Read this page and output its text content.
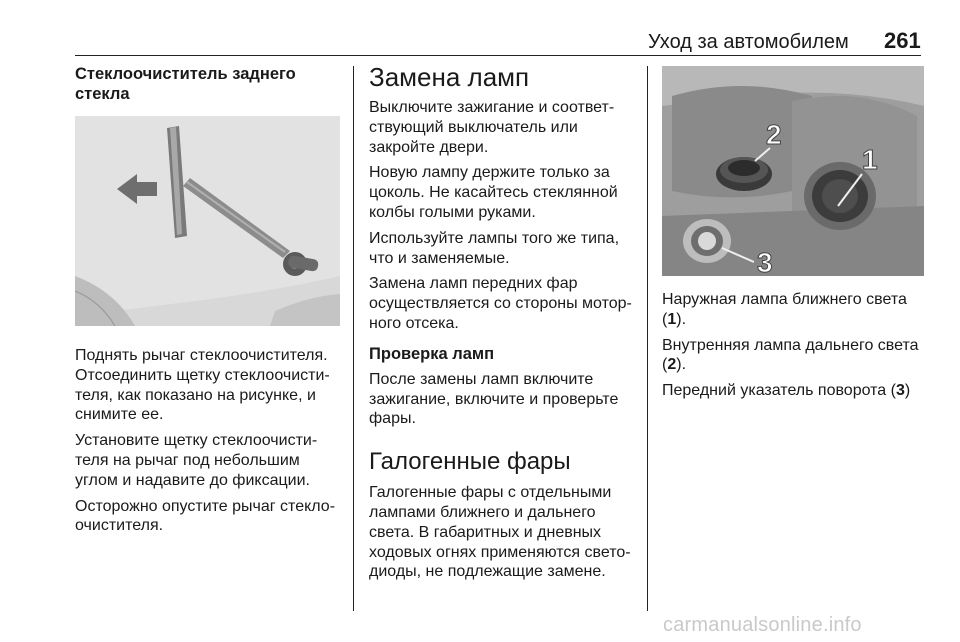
Уход за автомобилем 261
Стеклоочиститель заднего
стекла

Поднять рычаг стеклоочистителя. Отсоединить щетку стеклоочисти-теля, как показано на рисунке, и снимите ее.

Установите щетку стеклоочисти-теля на рычаг под небольшим углом и надавите до фиксации.

Осторожно опустите рычаг стекло-очистителя.

Замена ламп

Выключите зажигание и соответ-ствующий выключатель или закройте двери.

Новую лампу держите только за цоколь. Не касайтесь стеклянной колбы голыми руками.

Используйте лампы того же типа, что и заменяемые.

Замена ламп передних фар осуществляется со стороны мотор-ного отсека.

Проверка ламп

После замены ламп включите зажигание, включите и проверьте фары.

Галогенные фары

Галогенные фары с отдельными лампами ближнего и дальнего света. В габаритных и дневных ходовых огнях применяются свето-диоды, не подлежащие замене.

1
2
3

Наружная лампа ближнего света (1).

Внутренняя лампа дальнего света (2).

Передний указатель поворота (3)

carmanualsonline.info
